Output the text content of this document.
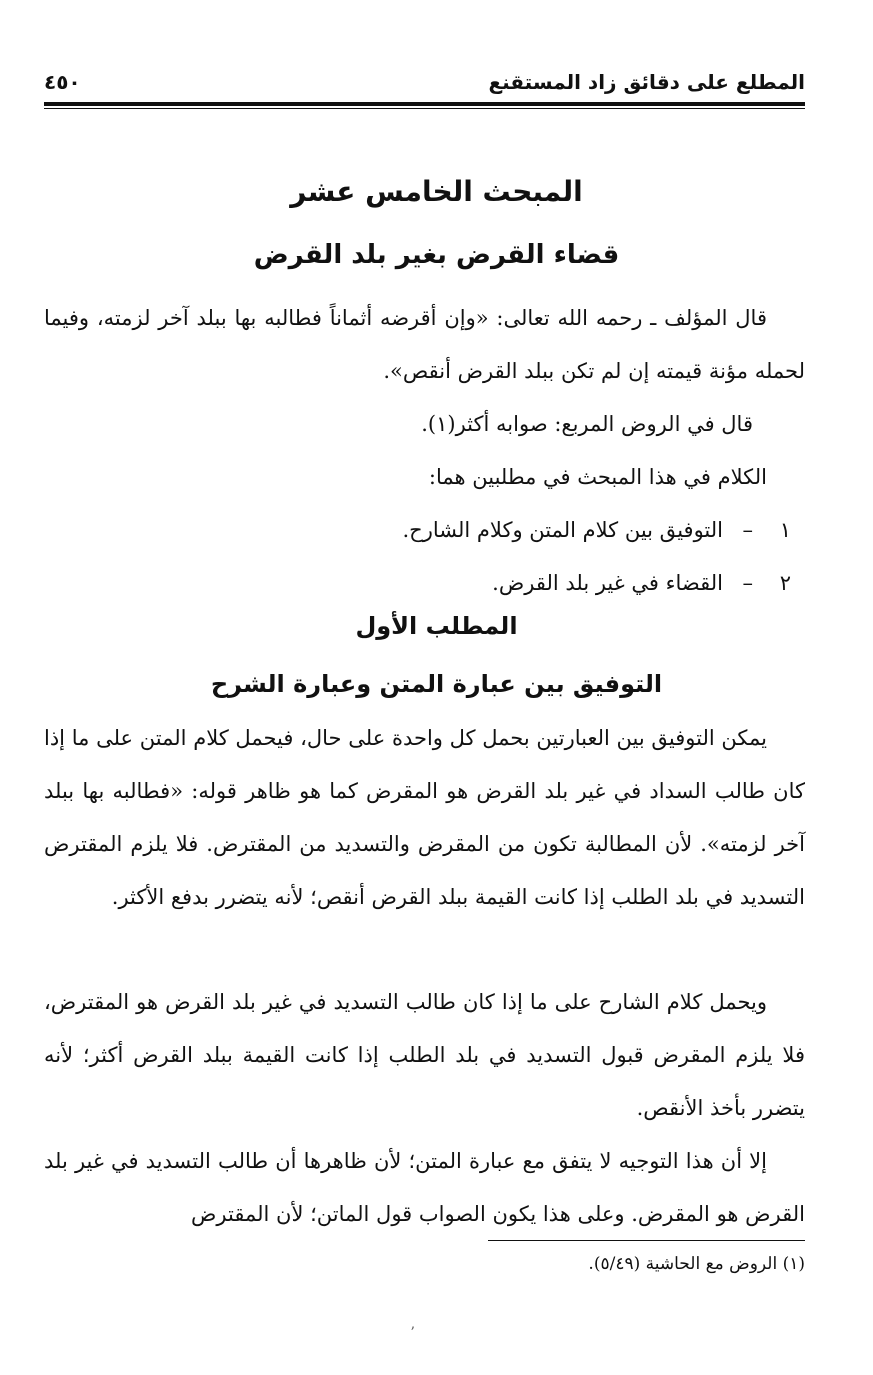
المطلع على دقائق زاد المستقنع
٤٥٠
المبحث الخامس عشر
قضاء القرض بغير بلد القرض
قال المؤلف ـ رحمه الله تعالى: «وإن أقرضه أثماناً فطالبه بها ببلد آخر لزمته، وفيما لحمله مؤنة قيمته إن لم تكن ببلد القرض أنقص».
قال في الروض المربع: صوابه أكثر(١).
الكلام في هذا المبحث في مطلبين هما:
١–التوفيق بين كلام المتن وكلام الشارح.
٢–القضاء في غير بلد القرض.
المطلب الأول
التوفيق بين عبارة المتن وعبارة الشرح
يمكن التوفيق بين العبارتين بحمل كل واحدة على حال، فيحمل كلام المتن على ما إذا كان طالب السداد في غير بلد القرض هو المقرض كما هو ظاهر قوله: «فطالبه بها ببلد آخر لزمته». لأن المطالبة تكون من المقرض والتسديد من المقترض. فلا يلزم المقترض التسديد في بلد الطلب إذا كانت القيمة ببلد القرض أنقص؛ لأنه يتضرر بدفع الأكثر.
ويحمل كلام الشارح على ما إذا كان طالب التسديد في غير بلد القرض هو المقترض، فلا يلزم المقرض قبول التسديد في بلد الطلب إذا كانت القيمة ببلد القرض أكثر؛ لأنه يتضرر بأخذ الأنقص.
إلا أن هذا التوجيه لا يتفق مع عبارة المتن؛ لأن ظاهرها أن طالب التسديد في غير بلد القرض هو المقرض. وعلى هذا يكون الصواب قول الماتن؛ لأن المقترض
(١) الروض مع الحاشية (٥/٤٩).
ʼ
